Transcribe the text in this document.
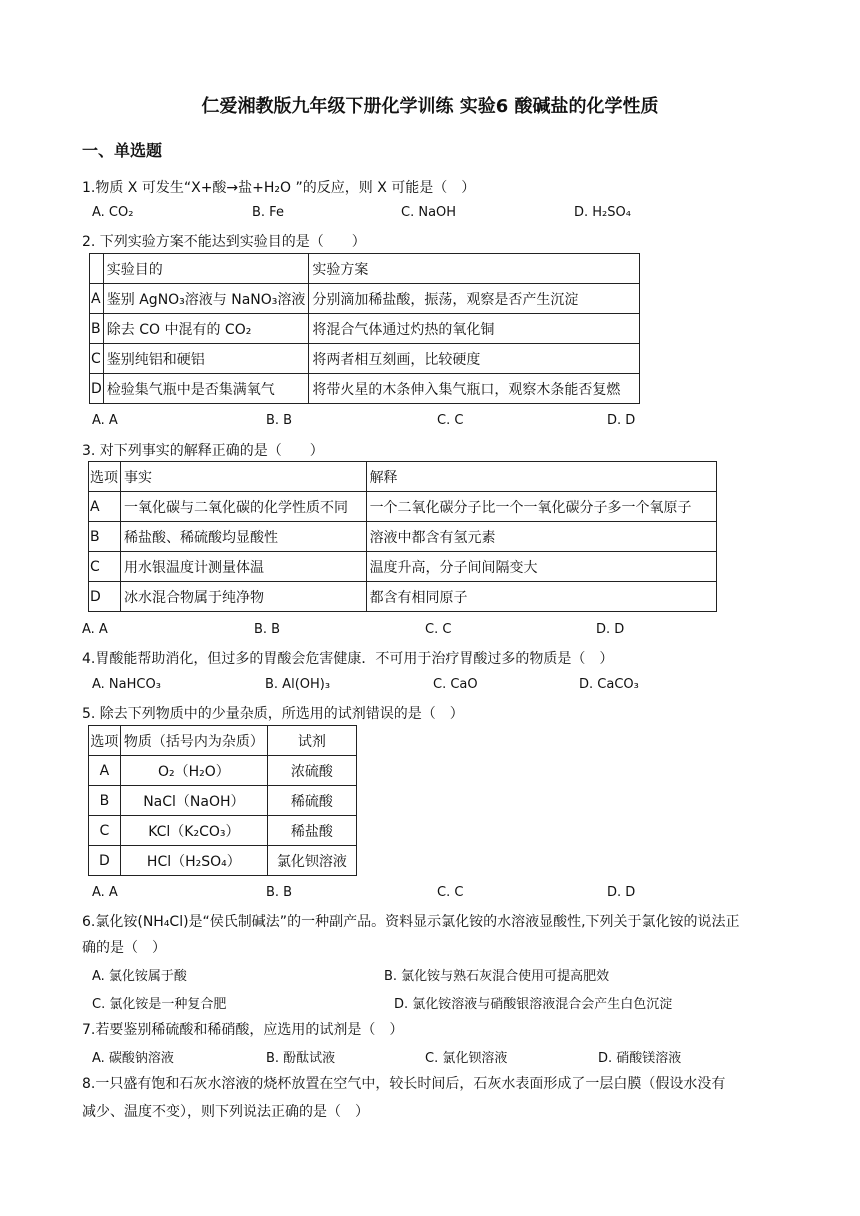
仁爱湘教版九年级下册化学训练 实验6 酸碱盐的化学性质
一、单选题
1.物质 X 可发生“X+酸→盐+H₂O ”的反应，则 X 可能是（　）
A. CO₂	B. Fe	C. NaOH	D. H₂SO₄
2. 下列实验方案不能达到实验目的是（　　）
	实验目的	实验方案
A	鉴别 AgNO₃溶液与 NaNO₃溶液	分别滴加稀盐酸，振荡，观察是否产生沉淀
B	除去 CO 中混有的 CO₂	将混合气体通过灼热的氧化铜
C	鉴别纯铝和硬铝	将两者相互刻画，比较硬度
D	检验集气瓶中是否集满氧气	将带火星的木条伸入集气瓶口，观察木条能否复燃
A. A	B. B	C. C	D. D
3. 对下列事实的解释正确的是（　　）
选项	事实	解释
A	一氧化碳与二氧化碳的化学性质不同	一个二氧化碳分子比一个一氧化碳分子多一个氧原子
B	稀盐酸、稀硫酸均显酸性	溶液中都含有氢元素
C	用水银温度计测量体温	温度升高，分子间间隔变大
D	冰水混合物属于纯净物	都含有相同原子
A. A	B. B	C. C	D. D
4.胃酸能帮助消化，但过多的胃酸会危害健康．不可用于治疗胃酸过多的物质是（　）
A. NaHCO₃	B. Al(OH)₃	C. CaO	D. CaCO₃
5. 除去下列物质中的少量杂质，所选用的试剂错误的是（　）
选项	物质（括号内为杂质）	试剂
A	O₂（H₂O）	浓硫酸
B	NaCl（NaOH）	稀硫酸
C	KCl（K₂CO₃）	稀盐酸
D	HCl（H₂SO₄）	氯化钡溶液
A. A	B. B	C. C	D. D
6.氯化铵(NH₄Cl)是“侯氏制碱法”的一种副产品。资料显示氯化铵的水溶液显酸性,下列关于氯化铵的说法正
确的是（　）
A. 氯化铵属于酸	B. 氯化铵与熟石灰混合使用可提高肥效
C. 氯化铵是一种复合肥	D. 氯化铵溶液与硝酸银溶液混合会产生白色沉淀
7.若要鉴别稀硫酸和稀硝酸，应选用的试剂是（　）
A. 碳酸钠溶液	B. 酚酞试液	C. 氯化钡溶液	D. 硝酸镁溶液
8.一只盛有饱和石灰水溶液的烧杯放置在空气中，较长时间后，石灰水表面形成了一层白膜（假设水没有
减少、温度不变），则下列说法正确的是（　）
